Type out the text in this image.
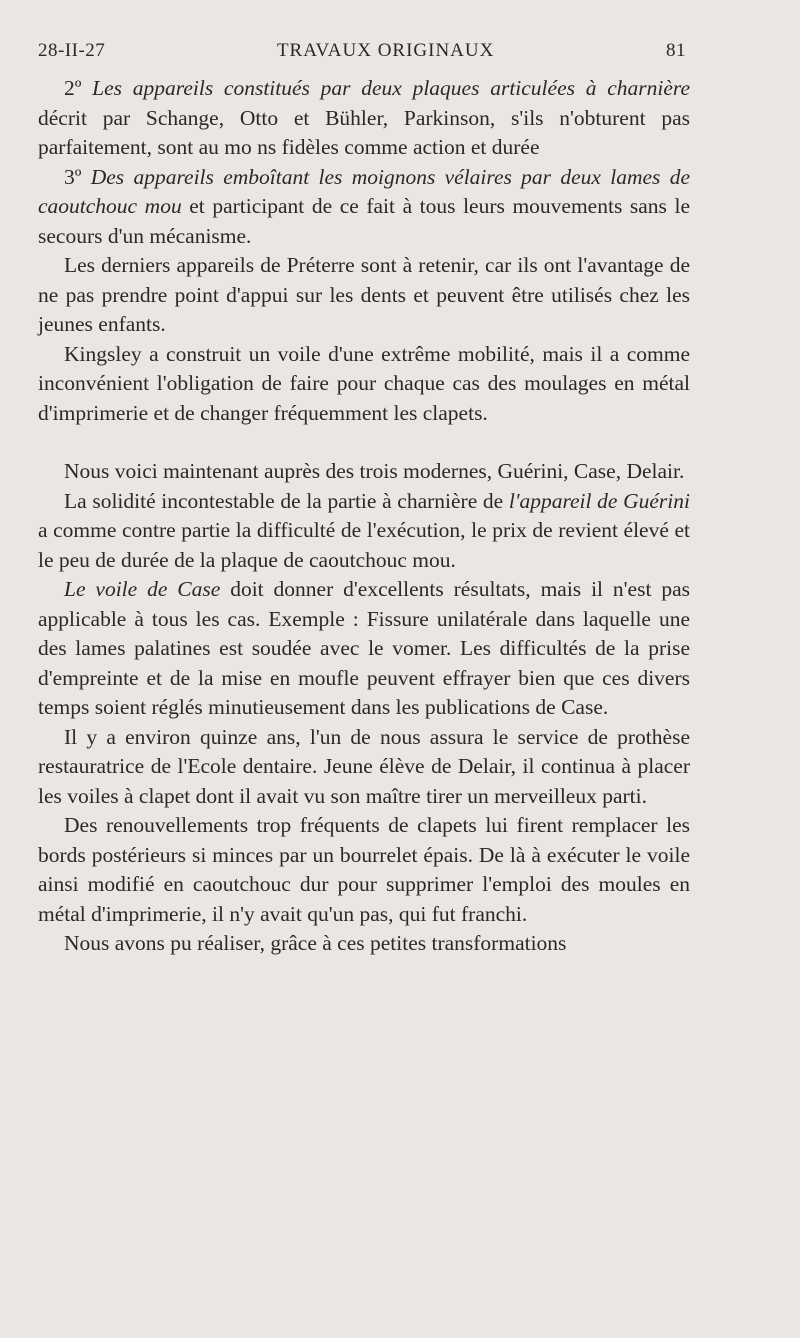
28-II-27	TRAVAUX ORIGINAUX	81

2º Les appareils constitués par deux plaques articulées à charnière décrit par Schange, Otto et Bühler, Parkinson, s'ils n'obturent pas parfaitement, sont au mo ns fidèles comme action et durée

3º Des appareils emboîtant les moignons vélaires par deux lames de caoutchouc mou et participant de ce fait à tous leurs mouvements sans le secours d'un mécanisme.

Les derniers appareils de Préterre sont à retenir, car ils ont l'avantage de ne pas prendre point d'appui sur les dents et peuvent être utilisés chez les jeunes enfants.

Kingsley a construit un voile d'une extrême mobilité, mais il a comme inconvénient l'obligation de faire pour chaque cas des moulages en métal d'imprimerie et de changer fréquemment les clapets.

Nous voici maintenant auprès des trois modernes, Guérini, Case, Delair.

La solidité incontestable de la partie à charnière de l'appareil de Guérini a comme contre partie la difficulté de l'exécution, le prix de revient élevé et le peu de durée de la plaque de caoutchouc mou.

Le voile de Case doit donner d'excellents résultats, mais il n'est pas applicable à tous les cas. Exemple : Fissure unilatérale dans laquelle une des lames palatines est soudée avec le vomer. Les difficultés de la prise d'empreinte et de la mise en moufle peuvent effrayer bien que ces divers temps soient réglés minutieusement dans les publications de Case.

Il y a environ quinze ans, l'un de nous assura le service de prothèse restauratrice de l'Ecole dentaire. Jeune élève de Delair, il continua à placer les voiles à clapet dont il avait vu son maître tirer un merveilleux parti.

Des renouvellements trop fréquents de clapets lui firent remplacer les bords postérieurs si minces par un bourrelet épais. De là à exécuter le voile ainsi modifié en caoutchouc dur pour supprimer l'emploi des moules en métal d'imprimerie, il n'y avait qu'un pas, qui fut franchi.

Nous avons pu réaliser, grâce à ces petites transformations
